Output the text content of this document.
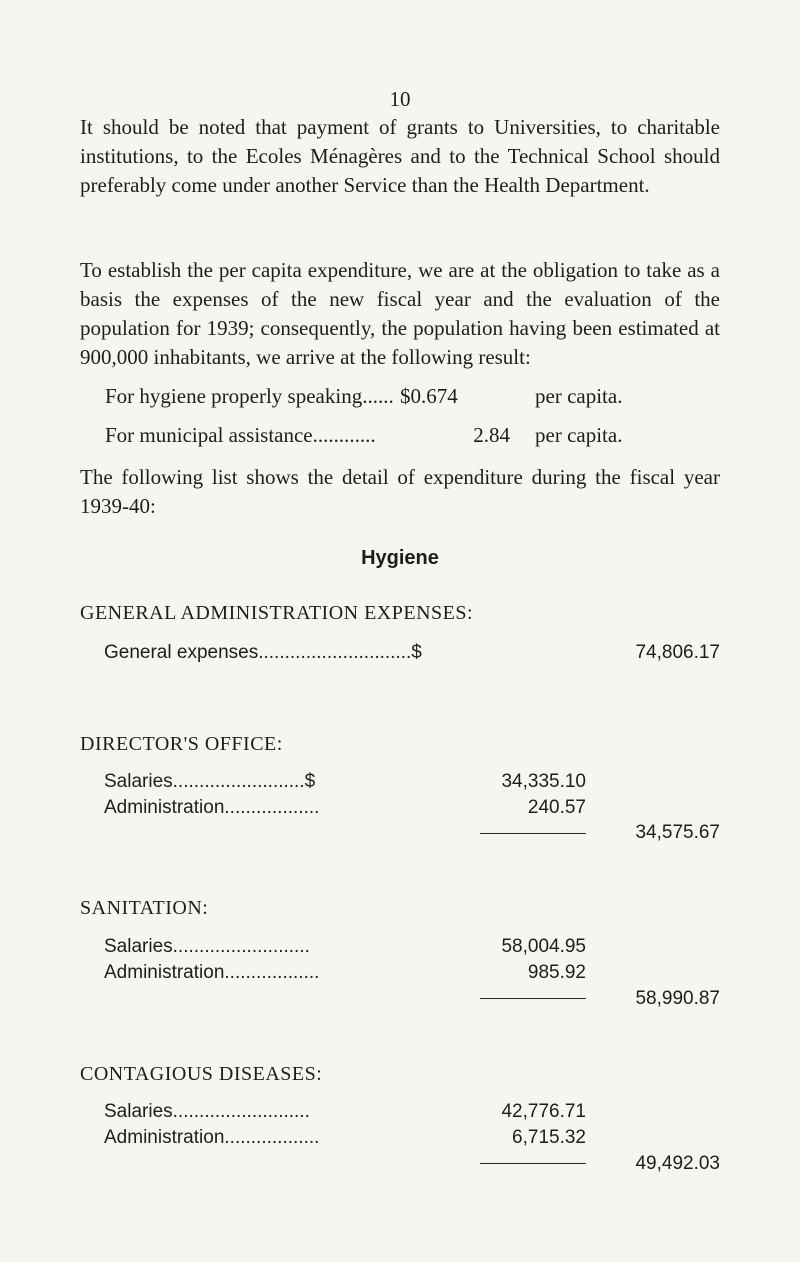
10

It should be noted that payment of grants to Universities, to charitable institutions, to the Ecoles Ménagères and to the Technical School should preferably come under another Service than the Health Department.

To establish the per capita expenditure, we are at the obligation to take as a basis the expenses of the new fiscal year and the evaluation of the population for 1939; consequently, the population having been estimated at 900,000 inhabitants, we arrive at the following result:

For hygiene properly speaking...... $0.674	per capita.
For municipal assistance............	2.84 per capita.

The following list shows the detail of expenditure during the fiscal year 1939-40:

Hygiene
GENERAL ADMINISTRATION EXPENSES:
General expenses.............................$	74,806.17
DIRECTOR'S OFFICE:
Salaries.........................$	34,335.10
Administration..................	240.57
34,575.67
SANITATION:
Salaries..........................	58,004.95
Administration..................	985.92
58,990.87
CONTAGIOUS DISEASES:
Salaries..........................	42,776.71
Administration..................	6,715.32
49,492.03
